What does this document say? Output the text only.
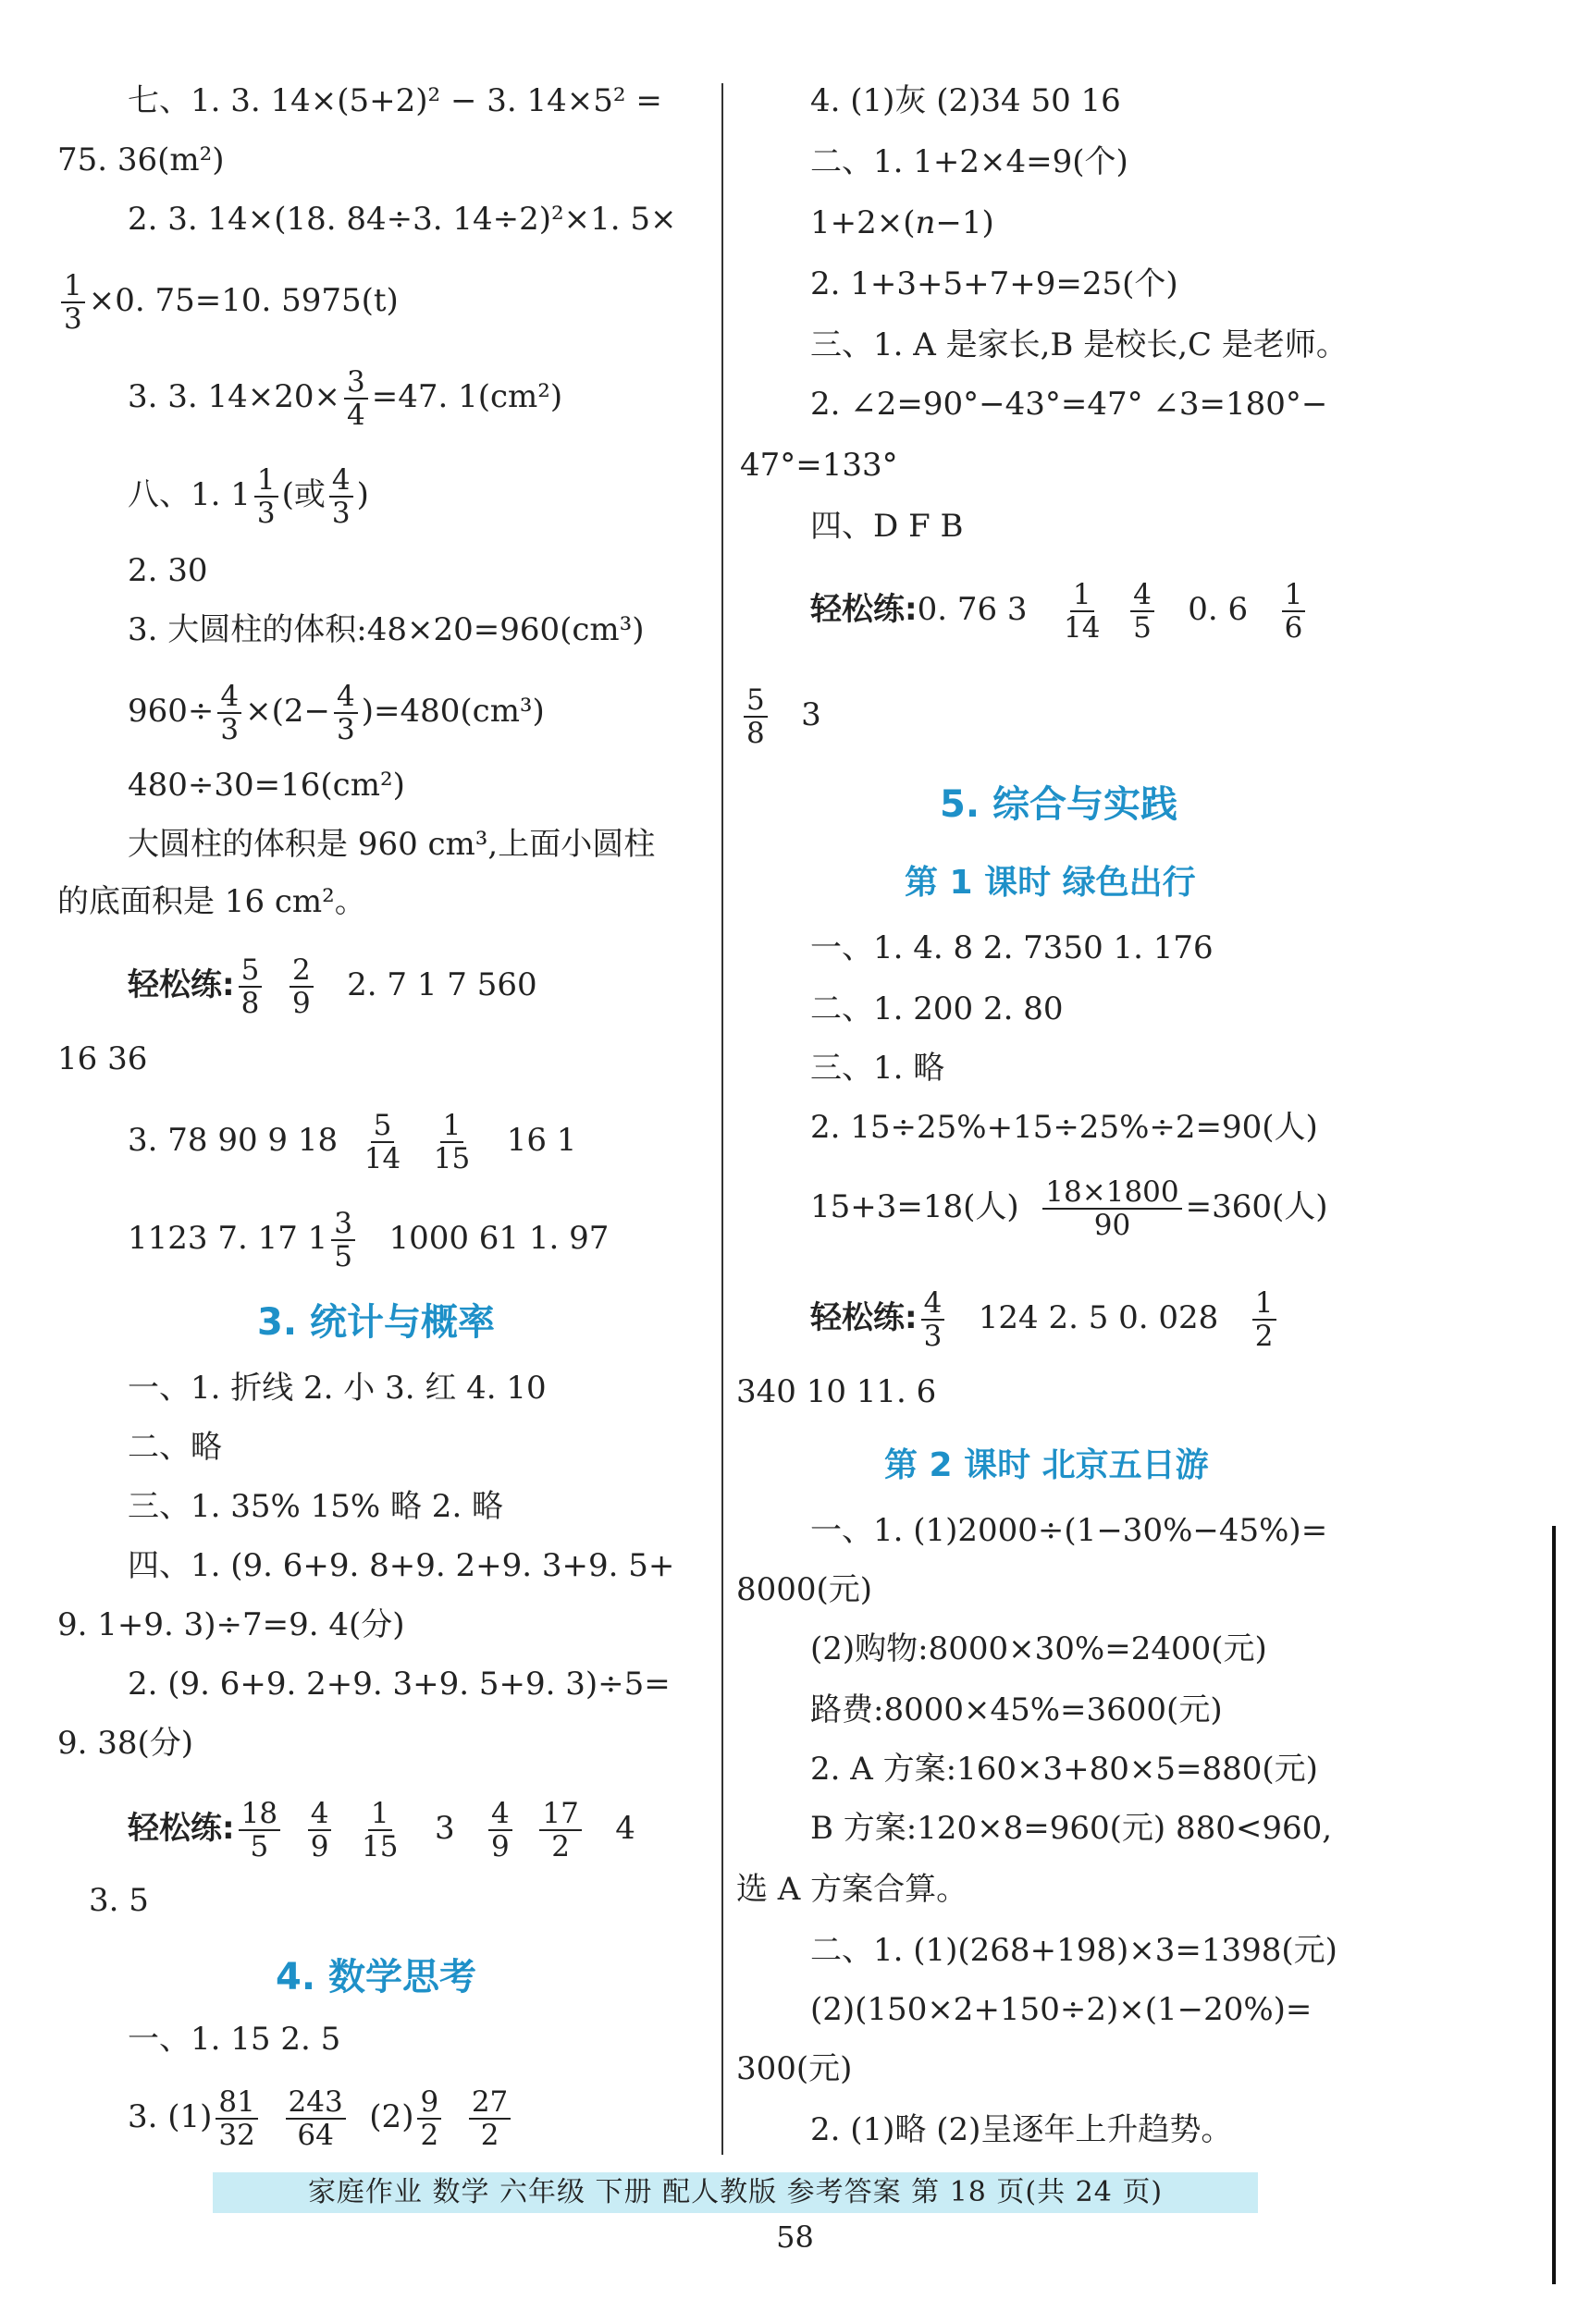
七、1. 3. 14×(5+2)² − 3. 14×5² =
75. 36(m²)
2. 3. 14×(18. 84÷3. 14÷2)²×1. 5×
$\frac{1}{3} \times 0$. 75=10. 5975(t)
3. 3. $14\times 20\times \frac{3}{4} =47$. 1(cm²)
八、1. $1 \frac{1}{3}$ (或 $\frac{4}{3}$ )
2. 30
3. 大圆柱的体积:48×20=960(cm³)
$960\div \frac{4}{3} \times(2- \frac{4}{3} )=480(cm^3)$
480÷30=16(cm²)
大圆柱的体积是 960 cm³,上面小圆柱
的底面积是 16 cm²。
轻松练: $\frac{5}{8}$
$\frac{2}{9} 2$. 7 1 7 560
16 36
3. 78 90 9 $18 \frac{5}{14}$
$\frac{1}{15} 16$ 1
1123 7. 17 $1 \frac{3}{5} 1000$ 61 1. 97
3. 统计与概率
一、1. 折线 2. 小 3. 红 4. 10
二、略
三、1. 35% 15% 略 2. 略
四、1. (9. 6+9. 8+9. 2+9. 3+9. 5+
9. 1+9. 3)÷7=9. 4(分)
2. (9. 6+9. 2+9. 3+9. 5+9. 3)÷5=
9. 38(分)
轻松练: $\frac{18}{5}$
$\frac{4}{9}$
$\frac{1}{15} 3 \frac{4}{9}$
$\frac{17}{2} 4$
3. 5
4. 数学思考
一、1. 15 2. 5
3. $(1) \frac{81}{32}$
$\frac{243}{64} (2) \frac{9}{2}$
$\frac{27}{2}$
4. (1)灰 (2)34 50 16
二、1. 1+2×4=9(个)
1+2×(n−1)
2. 1+3+5+7+9=25(个)
三、1. A 是家长,B 是校长,C 是老师。
2. ∠2=90°−43°=47° ∠3=180°−
47°=133°
四、D F B
轻松练:0. 76 $3 \frac{1}{14}$
$\frac{4}{5} 0$. $6 \frac{1}{6}$
$\frac{5}{8} 3$
5. 综合与实践
第 1 课时 绿色出行
一、1. 4. 8 2. 7350 1. 176
二、1. 200 2. 80
三、1. 略
2. 15÷25%+15÷25%÷2=90(人)
15+3=18(人) $\frac{18\times 1800}{90} =360$(人)
轻松练: $\frac{4}{3} 124$ 2. 5 0. $028 \frac{1}{2}$
340 10 11. 6
第 2 课时 北京五日游
一、1. (1)2000÷(1−30%−45%)=
8000(元)
(2)购物:8000×30%=2400(元)
路费:8000×45%=3600(元)
2. A 方案:160×3+80×5=880(元)
B 方案:120×8=960(元) 880<960,
选 A 方案合算。
二、1. (1)(268+198)×3=1398(元)
(2)(150×2+150÷2)×(1−20%)=
300(元)
2. (1)略 (2)呈逐年上升趋势。
家庭作业 数学 六年级 下册 配人教版 参考答案 第 18 页(共 24 页)
58
